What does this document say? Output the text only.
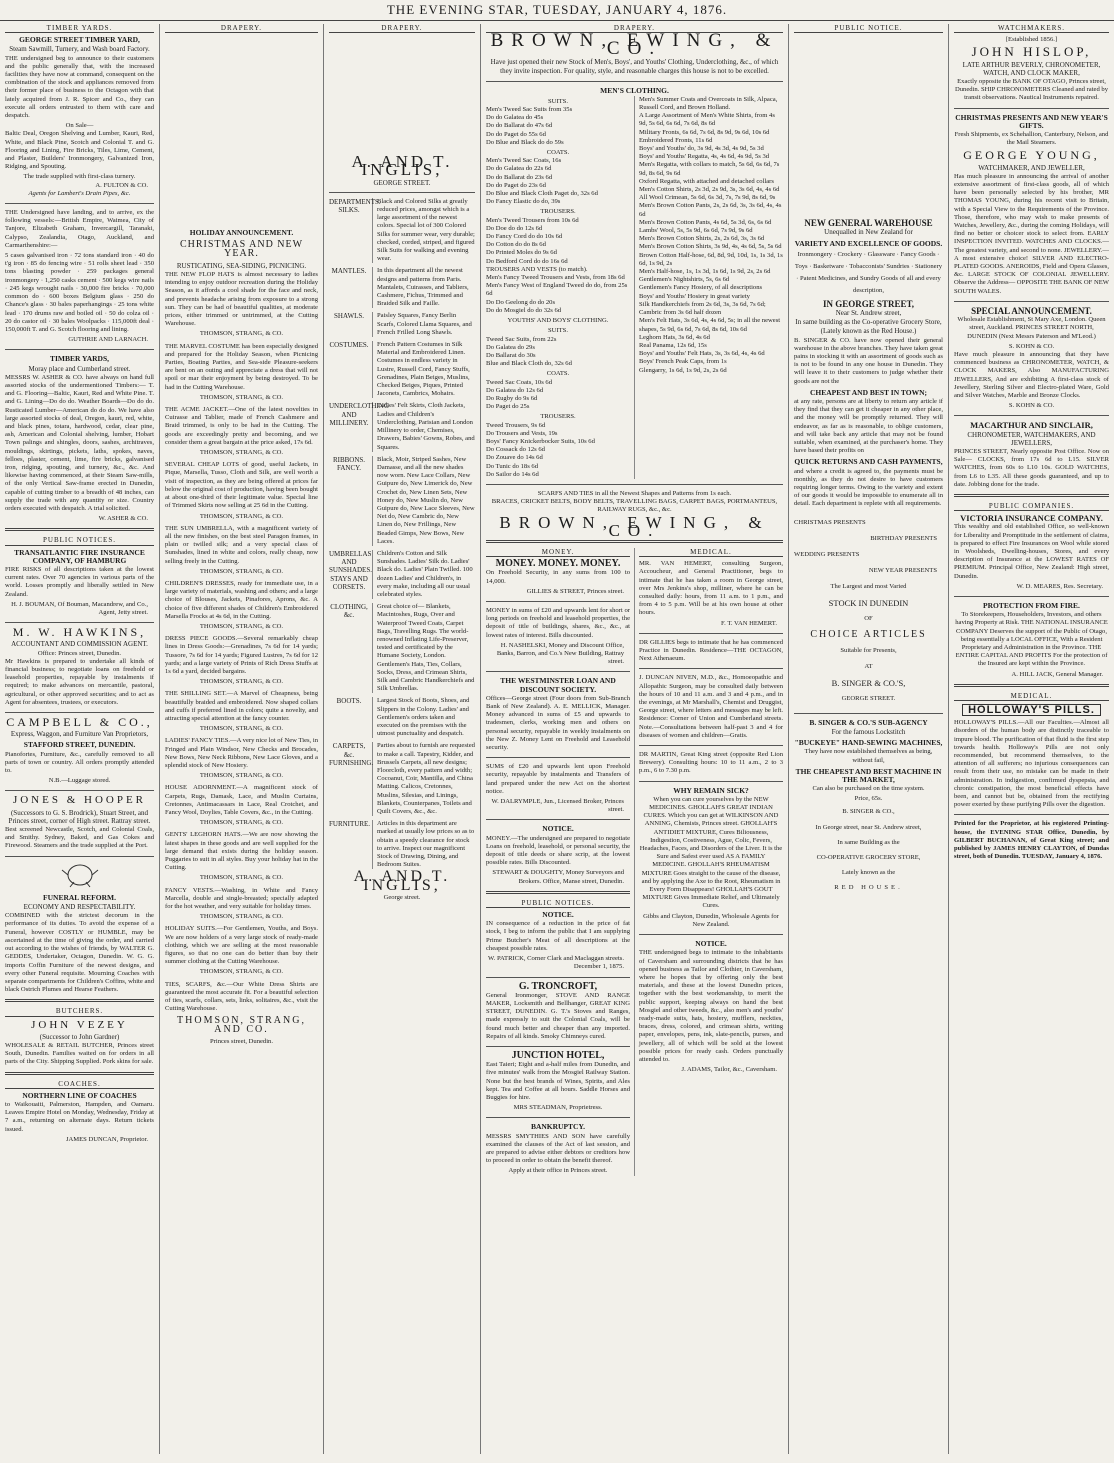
THE EVENING STAR, TUESDAY, JANUARY 4, 1876.
TIMBER YARDS.
GEORGE STREET TIMBER YARD,
Steam Sawmill, Turnery, and Wash board Factory.

THE undersigned beg to announce to their customers and the public generally that, with the increased facilities they have now at command, consequent on the combination of the stock and appliances removed from their former place of business to the Octagon with that lately acquired from J. R. Spicer and Co., they can execute all orders entrusted to them with care and despatch.

On Sale—

Baltic Deal, Oregon Shelving and Lumber, Kauri, Red, White, and Black Pine, Scotch and Colonial T. and G. Flooring and Lining, Fire Bricks, Tiles, Lime, Cement, and Plaster, Builders' Ironmongery, Galvanized Iron, Ridging, and Spouting.

The trade supplied with first-class turnery.
A. FULTON & CO.
Agents for Lambert's Drain Pipes, &c.

THE Undersigned have landing, and to arrive, ex the following vessels:—British Empire, Waimea, City of Tanjore, Elizabeth Graham, Invercargill, Taranaki, Calypso, Zealandia, Otago, Auckland, and Carmarthenshire:—

5 cases galvanised iron · 72 tons standard iron · 40 do t'g iron · 85 do fencing wire · 51 rolls sheet lead · 350 tons blasting powder · 259 packages general ironmongery · 1,250 casks cement · 500 kegs wire nails · 245 kegs wrought nails · 30,000 fire bricks · 70,000 common do · 600 boxes Belgium glass · 250 do Chance's glass · 30 bales paperhangings · 25 tons white lead · 170 drums raw and boiled oil · 50 do colza oil · 20 do castor oil · 30 bales Woolpacks · 115,000ft deal · 150,000ft T. and G. Scotch flooring and lining.

GUTHRIE AND LARNACH.
TIMBER YARDS,
Moray place and Cumberland street.

MESSRS W. ASHER & CO. have always on hand full assorted stocks of the undermentioned Timbers:— T. and G. Flooring—Baltic, Kauri, Red and White Pine. T. and G. Lining—Do do do. Weather Boards—Do do do. Rusticated Lumber—American do do do. We have also large assorted stocks of deal, Oregon, kauri, red, white, and black pines, totara, hardwood, cedar, clear pine, ash, American and Colonial shelving, lumber, Hobart Town palings and shingles, doors, sashes, architraves, mouldings, skirtings, pickets, laths, spokes, naves, felloes, plaster, cement, lime, fire bricks, galvanised iron, ridging, spouting, and turnery, &c., &c. And likewise having commenced, at their Steam Saw-mills, of the only Vertical Saw-frame erected in Dunedin, capable of cutting timber to a breadth of 48 inches, can supply the trade with any quantity or size. Country orders executed with despatch. A trial solicited.

W. ASHER & CO.
PUBLIC NOTICES.
TRANSATLANTIC FIRE INSURANCE COMPANY, OF HAMBURG

FIRE RISKS of all descriptions taken at the lowest current rates. Over 70 agencies in various parts of the world. Losses promptly and liberally settled in New Zealand.

H. J. BOUMAN, Of Bouman, Macandrew, and Co., Agent, Jetty street.
M. W. HAWKINS,
ACCOUNTANT AND COMMISSION AGENT.
Office: Princes street, Dunedin.

Mr Hawkins is prepared to undertake all kinds of financial business; to negotiate loans on freehold or leasehold properties, repayable by instalments if required; to make advances on mercantile, pastoral, agricultural, or other approved securities; and to act as Agent for absentees, trustees, or executors.

CAMPBELL & CO.,
Express, Waggon, and Furniture Van Proprietors,
STAFFORD STREET, DUNEDIN.

Pianofortes, Furniture, &c., carefully removed to all parts of town or country. All orders promptly attended to.

N.B.—Luggage stored.
JONES & HOOPER
(Successors to G. S. Brodrick), Stuart Street, and Princes street, corner of High street. Rattray street.

Best screened Newcastle, Scotch, and Colonial Coals, and Smithy. Sydney, Baked, and Gas Cokes and Firewood. Steamers and the trade supplied at the Port.

FUNERAL REFORM.
ECONOMY AND RESPECTABILITY.

COMBINED with the strictest decorum in the performance of its duties. To avoid the expense of a Funeral, however COSTLY or HUMBLE, may be ascertained at the time of giving the order, and carried out according to the wishes of friends, by WALTER G. GEDDES, Undertaker, Octagon, Dunedin. W. G. G. imports Coffin Furniture of the newest designs, and every other Funeral requisite. Mourning Coaches with separate compartments for Children's Coffins, white and black Ostrich Plumes and Hearse Feathers.

BUTCHERS.
JOHN VEZEY
(Successor to John Gardner)

WHOLESALE & RETAIL BUTCHER, Princes street South, Dunedin. Families waited on for orders in all parts of the City. Shipping Supplied. Pork skins for sale.

COACHES.
NORTHERN LINE OF COACHES

to Waikouaiti, Palmerston, Hampden, and Oamaru. Leaves Empire Hotel on Monday, Wednesday, Friday at 7 a.m., returning on alternate days. Return tickets issued.

JAMES DUNCAN, Proprietor.
DRAPERY.
HOLIDAY ANNOUNCEMENT.
CHRISTMAS AND NEW YEAR.
RUSTICATING, SEA-SIDING, PICNICING.

THE NEW FLOP HATS is almost necessary to ladies intending to enjoy outdoor recreation during the Holiday Season, as it affords a cool shade for the face and neck, and prevents headache arising from exposure to a strong sun. They can be had of beautiful qualities, at moderate prices, either trimmed or untrimmed, at the Cutting Warehouse.

THOMSON, STRANG, & CO.

THE MARVEL COSTUME has been especially designed and prepared for the Holiday Season, when Picnicing Parties, Boating Parties, and Sea-side Pleasure-seekers are bent on an outing and appreciate a dress that will not spoil or mar their enjoyment by being destroyed. To be had in the Cutting Warehouse.

THOMSON, STRANG, & CO.

THE ACME JACKET.—One of the latest novelties in Cuirasse and Tablier, made of French Cashmere and Braid trimmed, is only to be had in the Cutting. The goods are exceedingly pretty and becoming, and we consider them a great bargain at the price asked, 17s 6d.

THOMSON, STRANG, & CO.

SEVERAL CHEAP LOTS of good, useful Jackets, in Pique, Marsella, Tusso, Cloth and Silk, are well worth a visit of inspection, as they are being offered at prices far below the original cost of production, having been bought at about one-third of their legitimate value. Special line of Trimmed Skirts now selling at 25 6d in the Cutting.

THOMSON, STRANG, & CO.

THE SUN UMBRELLA, with a magnificent variety of all the new finishes, on the best steel Paragon frames, in plain or twilled silk; and a very special class of Sunshades, lined in white and colors, really cheap, now selling freely in the Cutting.

THOMSON, STRANG, & CO.

CHILDREN'S DRESSES, ready for immediate use, in a large variety of materials, washing and others; and a large choice of Blouses, Jackets, Pinafores, Aprons, &c. A choice of five different shades of Children's Embroidered Marsella Frocks at 4s 6d, in the Cutting.

THOMSON, STRANG, & CO.

DRESS PIECE GOODS.—Several remarkably cheap lines in Dress Goods:—Grenadines, 7s 6d for 14 yards; Tussore, 7s 6d for 14 yards; Figured Lustres, 7s 6d for 12 yards; and a large variety of Prints of Rich Dress Stuffs at 1s 6d a yard, decided bargains.

THOMSON, STRANG, & CO.

THE SHILLING SET.—A Marvel of Cheapness, being beautifully braided and embroidered. Now shaped collars and cuffs if preferred lined in colors; quite a novelty, and attracting special attention at the fancy counter.

THOMSON, STRANG, & CO.

LADIES' FANCY TIES.—A very nice lot of New Ties, in Fringed and Plain Windsor, New Checks and Brocades, New Bows, New Neck Ribbons, New Lace Gloves, and a splendid stock of New Hosiery.

THOMSON, STRANG, & CO.

HOUSE ADORNMENT.—A magnificent stock of Carpets, Rugs, Damask, Lace, and Muslin Curtains, Cretonnes, Antimacassars in Lace, Real Crotchet, and Fancy Wool, Doylies, Table Covers, &c., in the Cutting.

THOMSON, STRANG, & CO.

GENTS' LEGHORN HATS.—We are now showing the latest shapes in these goods and are well supplied for the large demand that exists during the holiday season. Puggaries to suit in all styles. Buy your holiday hat in the Cutting.

THOMSON, STRANG, & CO.

FANCY VESTS.—Washing, in White and Fancy Marcella, double and single-breasted; specially adapted for the hot weather, and very suitable for holiday times.

THOMSON, STRANG, & CO.

HOLIDAY SUITS.—For Gentlemen, Youths, and Boys. We are now holders of a very large stock of ready-made clothing, which we are selling at the most reasonable figures, so that no one can do better than buy their summer clothing at the Cutting Warehouse.

THOMSON, STRANG, & CO.

TIES, SCARFS, &c.—Our White Dress Shirts are guaranteed the most accurate fit. For a beautiful selection of ties, scarfs, collars, sets, links, solitaires, &c., visit the Cutting Warehouse.

THOMSON, STRANG, AND CO.
Princes street, Dunedin.
DRAPERY.
A. AND T. INGLIS,
GEORGE STREET.
DEPARTMENTS. SILKS.
Black and Colored Silks at greatly reduced prices, amongst which is a large assortment of the newest colors. Special lot of 300 Colored Silks for summer wear, very durable; checked, corded, striped, and figured Silk Suits for walking and evening wear.
MANTLES.	In this department all the newest designs and patterns from Paris. Mantalets, Cuirasses, and Tabliers, Cashmere, Fichus, Trimmed and Braided Silk and Faille.
SHAWLS.	Paisley Squares, Fancy Berlin Scarfs, Colored Llama Squares, and French Frilled Long Shawls.
COSTUMES.	French Pattern Costumes in Silk Material and Embroidered Linen. Costumes in endless variety in Lustre, Russell Cord, Fancy Stuffs, Grenadines, Plain Beiges, Muslins, Checked Beiges, Piques, Printed Jaconets, Cambrics, Mohairs.
UNDERCLOTHING AND MILLINERY.
Ladies' Felt Skirts, Cloth Jackets, Ladies and Children's Underclothing, Parisian and London Millinery to order, Chemises, Drawers, Babies' Gowns, Robes, and Squares.
RIBBONS. FANCY.
Black, Moir, Striped Sashes, New Damasse, and all the new shades now worn. New Lace Collars, New Guipure do, New Limerick do, New Crochet do, New Linen Sets, New Honey do, New Muslin do, New Guipure do, New Lace Sleeves, New Net do, New Cambric do, New Linen do, New Frillings, New Beaded Gimps, New Bows, New Laces.
UMBRELLAS AND SUNSHADES. STAYS AND CORSETS.
Children's Cotton and Silk Sunshades. Ladies' Silk do. Ladies' Black do. Ladies' Plain Twilled. 100 dozen Ladies' and Children's, in every make, including all our usual celebrated styles.
CLOTHING, &c.
Great choice of— Blankets, Macintoshes, Rugs, Over and Waterproof Tweed Coats, Carpet Bags, Travelling Rugs. The world-renowned Inflating Life-Preserver, tested and certificated by the Humane Society, London. Gentlemen's Hats, Ties, Collars, Socks, Dress, and Crimean Shirts, Silk and Cambric Handkerchiefs and Silk Umbrellas.
BOOTS.	Largest Stock of Boots, Shoes, and Slippers in the Colony. Ladies' and Gentlemen's orders taken and executed on the premises with the utmost punctuality and despatch.
CARPETS, &c. FURNISHING.
Parties about to furnish are requested to make a call. Tapestry, Kidder, and Brussels Carpets, all new designs; Floorcloth, every pattern and width; Cocoanut, Coir, Mantilla, and China Matting. Calicos, Cretonnes, Muslins, Silesias, and Linings, Blankets, Counterpanes, Toilets and Quilt Covers, &c., &c.
FURNITURE.	Articles in this department are marked at usually low prices so as to obtain a speedy clearance for stock to arrive. Inspect our magnificent Stock of Drawing, Dining, and Bedroom Suites.
A. AND T. INGLIS,
George street.
DRAPERY.
BROWN, EWING, & CO.

Have just opened their new Stock of Men's, Boys', and Youths' Clothing, Underclothing, &c., of which they invite inspection. For quality, style, and reasonable charges this house is not to be excelled.

MEN'S CLOTHING.
SUITS.
Men's Tweed Sac Suits from 35s
Do do Galatea do 45s
Do do Ballarat do 47s 6d
Do do Paget do 55s 6d
Do Blue and Black do do 59s
COATS.
Men's Tweed Sac Coats, 16s
Do do Galatea do 22s 6d
Do do Ballarat do 23s 6d
Do do Paget do 23s 6d
Do Blue and Black Cloth Paget do, 32s 6d
Do Fancy Elastic do do, 39s
TROUSERS.
Men's Tweed Trousers from 10s 6d
Do Doe do do 12s 6d
Do Fancy Cord do do 10s 6d
Do Cotton do do 8s 6d
Do Printed Moles do 9s 6d
Do Bedford Cord do do 16s 6d
TROUSERS AND VESTS (to match).
Men's Fancy Tweed Trousers and Vests, from 18s 6d
Men's Fancy West of England Tweed do do, from 25s 6d
Do Do Geelong do do 20s
Do do Mosgiel do do 32s 6d
YOUTHS' AND BOYS' CLOTHING.
SUITS.
Tweed Sac Suits, from 22s
Do Galatea do 29s
Do Ballarat do 30s
Blue and Black Cloth do, 32s 6d
COATS.
Tweed Sac Coats, 10s 6d
Do Galatea do 12s 6d
Do Rugby do 9s 6d
Do Paget do 25s
TROUSERS.
Tweed Trousers, 9s 6d
Do Trousers and Vests, 19s
Boys' Fancy Knickerbocker Suits, 10s 6d
Do Cossack do 12s 6d
Do Zouave do 14s 6d
Do Tunic do 18s 6d
Do Sailor do 14s 6d
Men's Summer Coats and Overcoats in Silk, Alpaca, Russell Cord, and Brown Holland.
A Large Assortment of Men's White Shirts, from 4s 9d, 5s 6d, 6s 6d, 7s 6d, 8s 6d
Military Fronts, 6s 6d, 7s 6d, 8s 9d, 9s 6d, 10s 6d
Embroidered Fronts, 11s 6d
Boys' and Youths' do, 3s 9d, 4s 3d, 4s 9d, 5s 3d
Boys' and Youths' Regatta, 4s, 4s 6d, 4s 9d, 5s 3d
Men's Regatta, with collars to match, 5s 6d, 6s 6d, 7s 9d, 8s 6d, 9s 6d
Oxford Regatta, with attached and detached collars
Men's Cotton Shirts, 2s 3d, 2s 9d, 3s, 3s 6d, 4s, 4s 6d
All Wool Crimean, 5s 6d, 6s 3d, 7s, 7s 9d, 8s 6d, 9s
Men's Brown Cotton Pants, 2s, 2s 6d, 3s, 3s 6d, 4s, 4s 6d
Men's Brown Cotton Pants, 4s 6d, 5s 3d, 6s, 6s 6d
Lambs' Wool, 5s, 5s 9d, 6s 6d, 7s 9d, 9s 6d
Men's Brown Cotton Shirts, 2s, 2s 6d, 3s, 3s 6d
Men's Brown Cotton Shirts, 3s 9d, 4s, 4s 6d, 5s, 5s 6d
Brown Cotton Half-hose, 6d, 8d, 9d, 10d, 1s, 1s 3d, 1s 6d, 1s 9d, 2s
Men's Half-hose, 1s, 1s 3d, 1s 6d, 1s 9d, 2s, 2s 6d
Gentlemen's Nightshirts, 5s, 6s 6d
Gentlemen's Fancy Hosiery, of all descriptions
Boys' and Youths' Hosiery in great variety
Silk Handkerchiefs from 2s 6d, 3s, 3s 6d, 7s 6d; Cambric from 3s 6d half dozen
Men's Felt Hats, 3s 6d, 4s, 4s 6d, 5s; in all the newest shapes, 5s 9d, 6s 6d, 7s 6d, 8s 6d, 10s 6d
Leghorn Hats, 3s 6d, 4s 6d
Real Panama, 12s 6d, 15s
Boys' and Youths' Felt Hats, 3s, 3s 6d, 4s, 4s 6d
Boys' French Peak Caps, from 1s
Glengarry, 1s 6d, 1s 9d, 2s, 2s 6d
SCARFS AND TIES in all the Newest Shapes and Patterns from 1s each.
BRACES, CRICKET BELTS, BODY BELTS, TRAVELLING BAGS, CARPET BAGS, PORTMANTEUS, RAILWAY RUGS, &c., &c.
BROWN, EWING, & CO.
MONEY.
MONEY. MONEY. MONEY.

On Freehold Security, in any sums from 100 to 14,000.

GILLIES & STREET, Princes street.

MONEY in sums of £20 and upwards lent for short or long periods on freehold and leasehold properties, the deposit of title of buildings, shares, &c., &c., at lowest rates of interest. Bills discounted.

H. NASHELSKI, Money and Discount Office, Banks, Barron, and Co.'s New Building, Rattray street.
THE WESTMINSTER LOAN AND DISCOUNT SOCIETY.

Offices—George street (Four doors from Sub-Branch Bank of New Zealand). A. E. MELLICK, Manager. Money advanced in sums of £5 and upwards to tradesmen, clerks, working men and others on personal security, repayable in weekly instalments on the New Z. Money Lent on Freehold and Leasehold security.

SUMS of £20 and upwards lent upon Freehold security, repayable by instalments and Transfers of land prepared under the new Act on the shortest notice.

W. DALRYMPLE, Jun., Licensed Broker, Princes street.
NOTICE.

MONEY.—The undersigned are prepared to negotiate Loans on freehold, leasehold, or personal security, the deposit of title deeds or share scrip, at the lowest possible rates. Bills Discounted.

STEWART & DOUGHTY, Money Surveyors and Brokers. Office, Manse street, Dunedin.
PUBLIC NOTICES.
NOTICE.

IN consequence of a reduction in the price of fat stock, I beg to inform the public that I am supplying Prime Butcher's Meat of all descriptions at the cheapest possible rates.

W. PATRICK, Corner Clark and Maclaggan streets. December 1, 1875.
G. TRONCROFT,

General Ironmonger, STOVE AND RANGE MAKER, Locksmith and Bellhanger, GREAT KING STREET, DUNEDIN. G. T.'s Stoves and Ranges, made expressly to suit the Colonial Coals, will be found much better and cheaper than any imported. Repairs of all kinds. Smoky Chimneys cured.

JUNCTION HOTEL,

East Taieri; Eight and a-half miles from Dunedin, and five minutes' walk from the Mosgiel Railway Station. None but the best brands of Wines, Spirits, and Ales kept. Tea and Coffee at all hours. Saddle Horses and Buggies for hire.

MRS STEADMAN, Proprietress.
BANKRUPTCY.

MESSRS SMYTHIES AND SON have carefully examined the clauses of the Act of last session, and are prepared to advise either debtors or creditors how to proceed in order to obtain the benefit thereof.

Apply at their office in Princes street.
MEDICAL.

MR. VAN HEMERT, consulting Surgeon, Accoucheur, and General Practitioner, begs to intimate that he has taken a room in George street, over Mrs Jenkins's shop, milliner, where he can be consulted daily: hours, from 11 a.m. to 1 p.m., and from 4 to 5 p.m. Will be at his own house at other hours.

F. T. VAN HEMERT.

DR GILLIES begs to intimate that he has commenced Practice in Dunedin. Residence—THE OCTAGON, Next Athenaeum.

J. DUNCAN NIVEN, M.D., &c., Homoeopathic and Allopathic Surgeon, may be consulted daily between the hours of 10 and 11 a.m. and 3 and 4 p.m., and in the evenings, at Mr Marshall's, Chemist and Druggist, George street, where letters and messages may be left. Residence: Corner of Union and Cumberland streets. Note.—Consultations between half-past 3 and 4 for diseases of women and children—Gratis.

DR MARTIN, Great King street (opposite Red Lion Brewery). Consulting hours: 10 to 11 a.m., 2 to 3 p.m., 6 to 7.30 p.m.

WHY REMAIN SICK?

When you can cure yourselves by the NEW MEDICINES. GHOLLAH'S GREAT INDIAN CURES. Which you can get at WILKINSON AND ANNING, Chemists, Princes street. GHOLLAH'S ANTIDIET MIXTURE, Cures Biliousness, Indigestion, Costiveness, Ague, Colic, Fevers, Headaches, Faces, and Disorders of the Liver. It is the Sure and Safest ever used AS A FAMILY MEDICINE. GHOLLAH'S RHEUMATISM MIXTURE Goes straight to the cause of the disease, and by applying the Axe to the Root, Rheumatism in Every Form Disappears! GHOLLAH'S GOUT MIXTURE Gives Immediate Relief, and Ultimately Cures.

Gibbs and Clayton, Dunedin, Wholesale Agents for New Zealand.
NOTICE.

THE undersigned begs to intimate to the inhabitants of Caversham and surrounding districts that he has opened business as Tailor and Clothier, in Caversham, where he hopes that by offering only the best materials, and these at the lowest Dunedin prices, together with the best workmanship, to merit the public support, keeping always on hand the best Mosgiel and other tweeds, &c., also men's and youths' ready-made suits, hats, hosiery, mufflers, neckties, braces, dress, colored, and crimean shirts, writing paper, envelopes, pens, ink, slate-pencils, purses, and jewellery, all of which will be sold at the lowest possible prices for ready cash. Orders punctually attended to.

J. ADAMS, Tailor, &c., Caversham.
PUBLIC NOTICE.
NEW GENERAL WAREHOUSE
Unequalled in New Zealand for
VARIETY AND EXCELLENCE OF GOODS.

Ironmongery · Crockery · Glassware · Fancy Goods · Toys · Basketware · Tobacconists' Sundries · Stationery · Patent Medicines, and Sundry Goods of all and every description,

IN GEORGE STREET,
Near St. Andrew street,
In same building as the Co-operative Grocery Store,
(Lately known as the Red House.)

B. SINGER & CO. have now opened their general warehouse in the above branches. They have taken great pains in stocking it with an assortment of goods such as is not to be found in any one house in Dunedin. They will leave it to their customers to judge whether their goods are not the

CHEAPEST AND BEST IN TOWN;

at any rate, persons are at liberty to return any article if they find that they can get it cheaper in any other place, and the money will be promptly returned. They will endeavor, as far as is reasonable, to oblige customers, and will take back any article that may not be found suitable, when examined, at the purchaser's home. They have based their profits on

QUICK RETURNS AND CASH PAYMENTS,

and where a credit is agreed to, the payments must be monthly, as they do not desire to have customers requiring longer terms. Owing to the variety and extent of our goods it would be impossible to enumerate all in detail. Each department is replete with all requirements.

CHRISTMAS PRESENTS
BIRTHDAY PRESENTS
WEDDING PRESENTS
NEW YEAR PRESENTS
The Largest and most Varied
STOCK IN DUNEDIN
OF
CHOICE ARTICLES
Suitable for Presents,
AT
B. SINGER & CO.'S,
GEORGE STREET.
B. SINGER & CO.'S SUB-AGENCY
For the famous Lockstitch
"BUCKEYE" HAND-SEWING MACHINES,

They have now established themselves as being, without fail,

THE CHEAPEST AND BEST MACHINE IN THE MARKET,

Can also be purchased on the time system.

Price, 65s.
B. SINGER & CO.,
In George street, near St. Andrew street,
In same Building as the
CO-OPERATIVE GROCERY STORE,
Lately known as the
RED HOUSE.
WATCHMAKERS.
[Established 1856.]
JOHN HISLOP,
LATE ARTHUR BEVERLY, CHRONOMETER, WATCH, AND CLOCK MAKER,

Exactly opposite the BANK OF OTAGO, Princes street, Dunedin. SHIP CHRONOMETERS Cleaned and rated by transit observations. Nautical Instruments repaired.

CHRISTMAS PRESENTS AND NEW YEAR'S GIFTS.

Fresh Shipments, ex Schehallion, Canterbury, Nelson, and the Mail Steamers.

GEORGE YOUNG,
WATCHMAKER, AND JEWELLER,

Has much pleasure in announcing the arrival of another extensive assortment of first-class goods, all of which have been personally selected by his brother, MR THOMAS YOUNG, during his recent visit to Britain, with a Special View to the Requirements of the Province. Those, therefore, who may wish to make presents of Watches, Jewellery, &c., during the coming Holidays, will find no better or choicer stock to select from. EARLY INSPECTION INVITED. WATCHES AND CLOCKS.—The greatest variety, and second to none. JEWELLERY.—A most extensive choice! SILVER AND ELECTRO-PLATED GOODS. ANEROIDS, Field and Opera Glasses, &c. LARGE STOCK OF COLONIAL JEWELLERY. Observe the Address— OPPOSITE THE BANK OF NEW SOUTH WALES.

SPECIAL ANNOUNCEMENT.

Wholesale Establishment, St Mary Axe, London. Queen street, Auckland. PRINCES STREET NORTH, DUNEDIN (Next Messrs Paterson and M'Leod.)

S. KOHN & CO.

Have much pleasure in announcing that they have commenced business as CHRONOMETER, WATCH, & CLOCK MAKERS, Also MANUFACTURING JEWELLERS, And are exhibiting A first-class stock of Jewellery, Sterling Silver and Electro-plated Ware, Gold and Silver Watches, Marble and Bronze Clocks.

S. KOHN & CO.
MACARTHUR AND SINCLAIR,
CHRONOMETER, WATCHMAKERS, AND JEWELLERS,

PRINCES STREET, Nearly opposite Post Office. Now on Sale— CLOCKS, from 17s 6d to L15. SILVER WATCHES, from 60s to L10 10s. GOLD WATCHES, from L6 to L35. All these goods guaranteed, and up to date. Jobbing done for the trade.

PUBLIC COMPANIES.
VICTORIA INSURANCE COMPANY.

This wealthy and old established Office, so well-known for Liberality and Promptitude in the settlement of claims, is prepared to effect Fire Insurances on Wool while stored in Woolsheds, Dwelling-houses, Stores, and every description of Insurance at the LOWEST RATES OF PREMIUM. Principal Office, New Zealand: High street, Dunedin.

W. D. MEARES, Res. Secretary.
PROTECTION FROM FIRE.

To Storekeepers, Householders, Investors, and others having Property at Risk. THE NATIONAL INSURANCE COMPANY Deserves the support of the Public of Otago, being essentially a LOCAL OFFICE, With a Resident Proprietary and Administration in the Province. THE ENTIRE CAPITAL AND PROFITS For the protection of the Insured are kept within the Province.

A. HILL JACK, General Manager.
MEDICAL.
HOLLOWAY'S PILLS.

HOLLOWAY'S PILLS.—All our Faculties.—Almost all disorders of the human body are distinctly traceable to impure blood. The purification of that fluid is the first step towards health. Holloway's Pills are not only recommended, but recommend themselves, to the attention of all sufferers; no injurious consequences can result from their use, no mistake can be made in their administration. In indigestion, confirmed dyspepsia, and chronic constipation, the most beneficial effects have been, and cannot but be, obtained from the rectifying power exerted by these purifying Pills over the digestion.

Printed for the Proprietor, at his registered Printing-house, the EVENING STAR Office, Dunedin, by GILBERT BUCHANAN, of Great King street; and published by JAMES HENRY CLAYTON, of Dundas street, both of Dunedin. TUESDAY, January 4, 1876.
